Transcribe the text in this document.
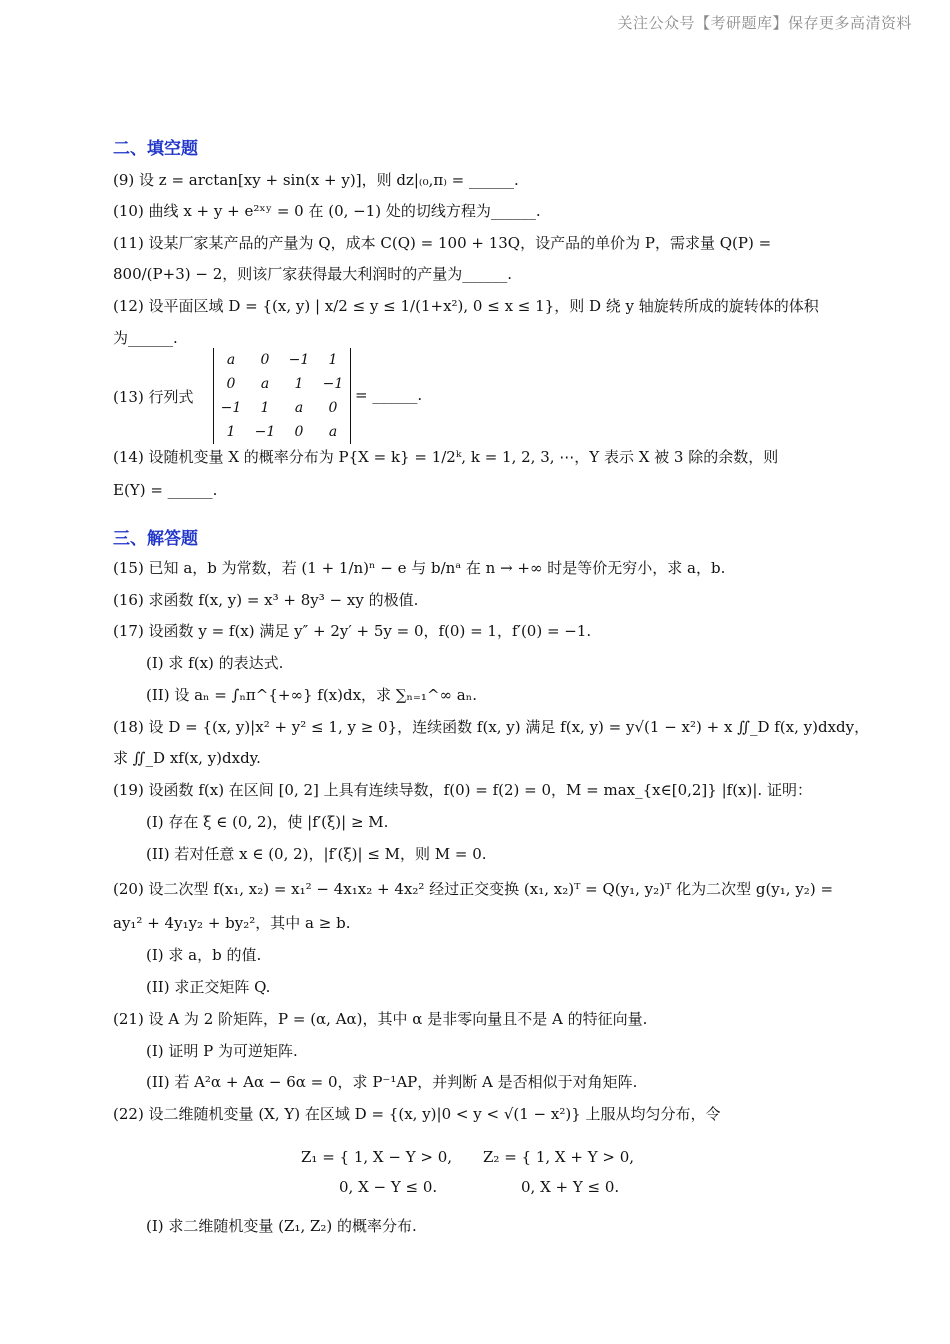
关注公众号【考研题库】保存更多高清资料
二、填空题
(9) 设 z = arctan[xy + sin(x + y)]，则 dz|₍₀,π₎ = ______.
(10) 曲线 x + y + e²ˣʸ = 0 在 (0, −1) 处的切线方程为______.
(11) 设某厂家某产品的产量为 Q，成本 C(Q) = 100 + 13Q，设产品的单价为 P，需求量 Q(P) =
800/(P+3) − 2，则该厂家获得最大利润时的产量为______.
(12) 设平面区域 D = {(x, y) | x/2 ≤ y ≤ 1/(1+x²), 0 ≤ x ≤ 1}，则 D 绕 y 轴旋转所成的旋转体的体积
为______.
(13) 行列式
a	0	−1	1
0	a	1	−1
−1	1	a	0
1	−1	0	a
= ______.
(14) 设随机变量 X 的概率分布为 P{X = k} = 1/2ᵏ, k = 1, 2, 3, ⋯，Y 表示 X 被 3 除的余数，则
E(Y) = ______.
三、解答题
(15) 已知 a，b 为常数，若 (1 + 1/n)ⁿ − e 与 b/nᵃ 在 n → +∞ 时是等价无穷小，求 a，b.
(16) 求函数 f(x, y) = x³ + 8y³ − xy 的极值.
(17) 设函数 y = f(x) 满足 y″ + 2y′ + 5y = 0，f(0) = 1，f′(0) = −1.
(I) 求 f(x) 的表达式.
(II) 设 aₙ = ∫ₙπ^{+∞} f(x)dx，求 ∑ₙ₌₁^∞ aₙ.
(18) 设 D = {(x, y)|x² + y² ≤ 1, y ≥ 0}，连续函数 f(x, y) 满足 f(x, y) = y√(1 − x²) + x ∬_D f(x, y)dxdy，
求 ∬_D xf(x, y)dxdy.
(19) 设函数 f(x) 在区间 [0, 2] 上具有连续导数，f(0) = f(2) = 0，M = max_{x∈[0,2]} |f(x)|. 证明：
(I) 存在 ξ ∈ (0, 2)，使 |f′(ξ)| ≥ M.
(II) 若对任意 x ∈ (0, 2)，|f′(ξ)| ≤ M，则 M = 0.
(20) 设二次型 f(x₁, x₂) = x₁² − 4x₁x₂ + 4x₂² 经过正交变换 (x₁, x₂)ᵀ = Q(y₁, y₂)ᵀ 化为二次型 g(y₁, y₂) =
ay₁² + 4y₁y₂ + by₂²，其中 a ≥ b.
(I) 求 a，b 的值.
(II) 求正交矩阵 Q.
(21) 设 A 为 2 阶矩阵，P = (α, Aα)，其中 α 是非零向量且不是 A 的特征向量.
(I) 证明 P 为可逆矩阵.
(II) 若 A²α + Aα − 6α = 0，求 P⁻¹AP，并判断 A 是否相似于对角矩阵.
(22) 设二维随机变量 (X, Y) 在区域 D = {(x, y)|0 < y < √(1 − x²)} 上服从均匀分布，令
Z₁ = { 1, X − Y > 0,
0, X − Y ≤ 0.
Z₂ = { 1, X + Y > 0,
0, X + Y ≤ 0.
(I) 求二维随机变量 (Z₁, Z₂) 的概率分布.
